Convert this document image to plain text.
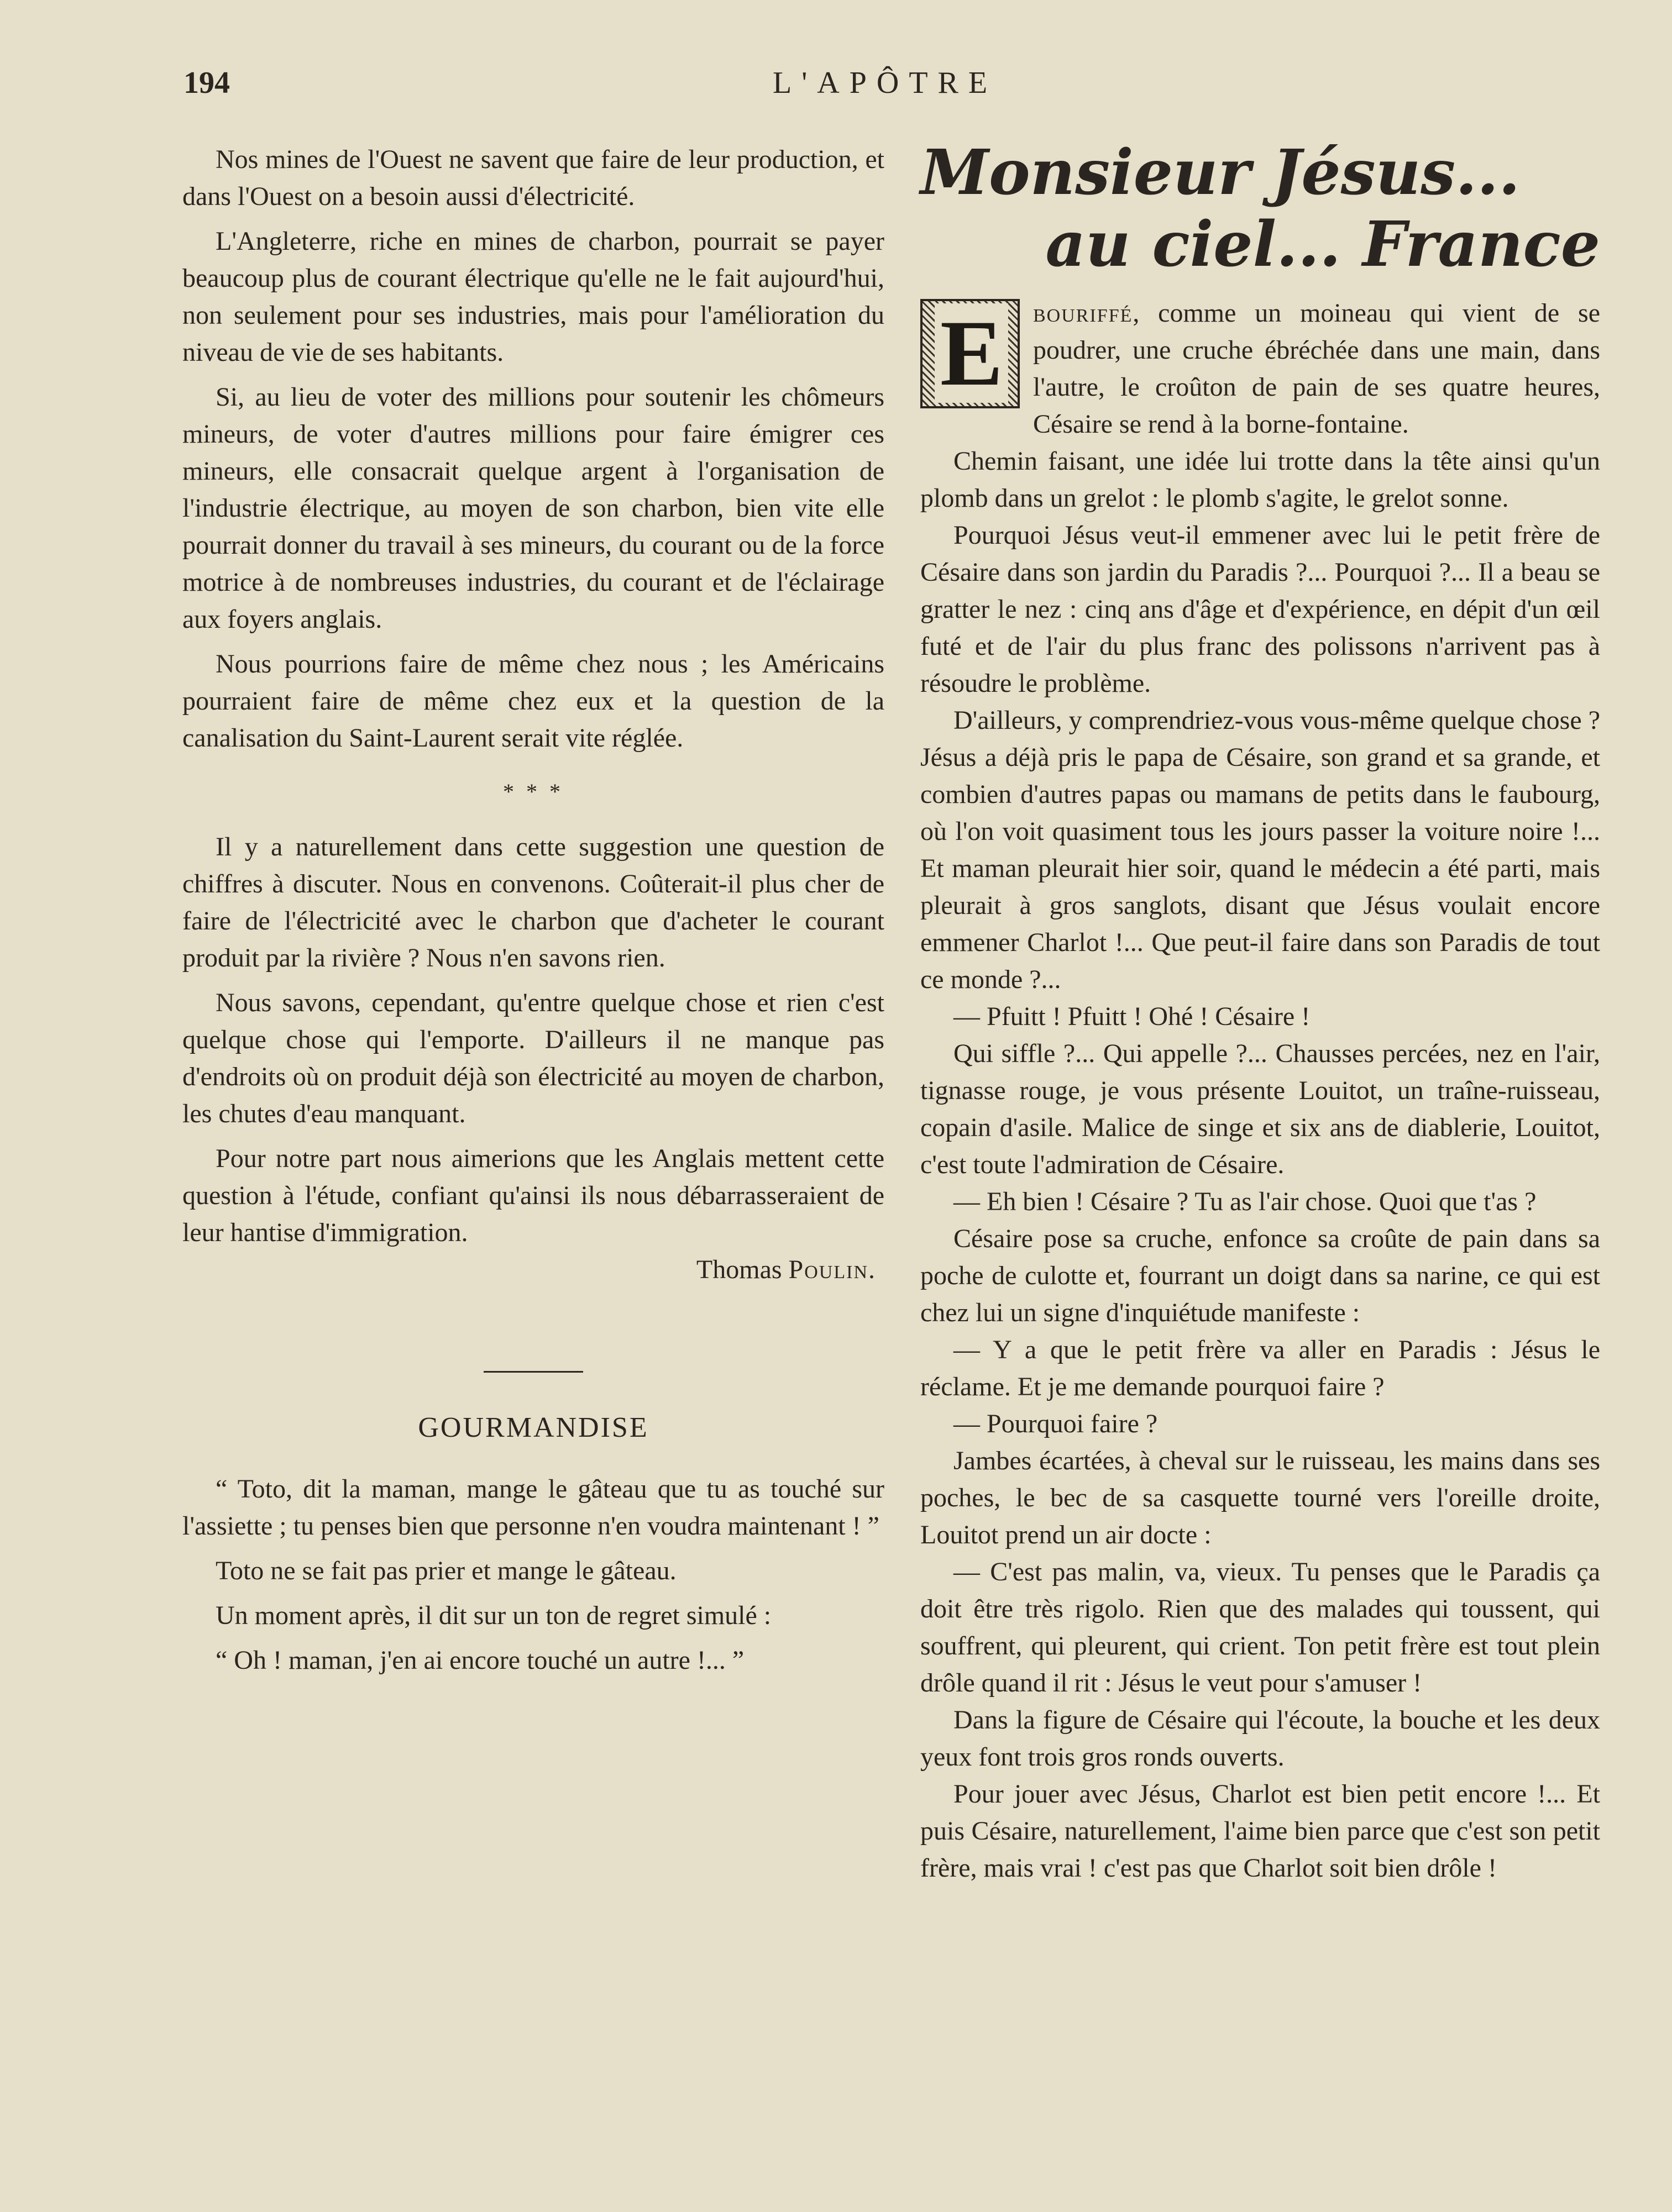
194	L'APÔTRE

Nos mines de l'Ouest ne savent que faire de leur production, et dans l'Ouest on a besoin aussi d'électricité.

L'Angleterre, riche en mines de charbon, pourrait se payer beaucoup plus de courant électrique qu'elle ne le fait aujourd'hui, non seulement pour ses industries, mais pour l'amélioration du niveau de vie de ses habitants.

Si, au lieu de voter des millions pour soutenir les chômeurs mineurs, de voter d'autres millions pour faire émigrer ces mineurs, elle consacrait quelque argent à l'organisation de l'industrie électrique, au moyen de son charbon, bien vite elle pourrait donner du travail à ses mineurs, du courant ou de la force motrice à de nombreuses industries, du courant et de l'éclairage aux foyers anglais.

Nous pourrions faire de même chez nous ; les Américains pourraient faire de même chez eux et la question de la canalisation du Saint-Laurent serait vite réglée.

* * *

Il y a naturellement dans cette suggestion une question de chiffres à discuter. Nous en convenons. Coûterait-il plus cher de faire de l'électricité avec le charbon que d'acheter le courant produit par la rivière ? Nous n'en savons rien.

Nous savons, cependant, qu'entre quelque chose et rien c'est quelque chose qui l'emporte. D'ailleurs il ne manque pas d'endroits où on produit déjà son électricité au moyen de charbon, les chutes d'eau manquant.

Pour notre part nous aimerions que les Anglais mettent cette question à l'étude, confiant qu'ainsi ils nous débarrasseraient de leur hantise d'immigration.

Thomas Poulin.
GOURMANDISE

“ Toto, dit la maman, mange le gâteau que tu as touché sur l'assiette ; tu penses bien que personne n'en voudra maintenant ! ”

Toto ne se fait pas prier et mange le gâteau.

Un moment après, il dit sur un ton de regret simulé :

“ Oh ! maman, j'en ai encore touché un autre !... ”

Monsieur Jésus...
au ciel... France
E	bouriffé, comme un moineau qui vient de se poudrer, une cruche ébréchée dans une main, dans l'autre, le croûton de pain de ses quatre heures, Césaire se rend à la borne-fontaine.

Chemin faisant, une idée lui trotte dans la tête ainsi qu'un plomb dans un grelot : le plomb s'agite, le grelot sonne.

Pourquoi Jésus veut-il emmener avec lui le petit frère de Césaire dans son jardin du Paradis ?... Pourquoi ?... Il a beau se gratter le nez : cinq ans d'âge et d'expérience, en dépit d'un œil futé et de l'air du plus franc des polissons n'arrivent pas à résoudre le problème.

D'ailleurs, y comprendriez-vous vous-même quelque chose ? Jésus a déjà pris le papa de Césaire, son grand et sa grande, et combien d'autres papas ou mamans de petits dans le faubourg, où l'on voit quasiment tous les jours passer la voiture noire !... Et maman pleurait hier soir, quand le médecin a été parti, mais pleurait à gros sanglots, disant que Jésus voulait encore emmener Charlot !... Que peut-il faire dans son Paradis de tout ce monde ?...

— Pfuitt ! Pfuitt ! Ohé ! Césaire !

Qui siffle ?... Qui appelle ?... Chausses percées, nez en l'air, tignasse rouge, je vous présente Louitot, un traîne-ruisseau, copain d'asile. Malice de singe et six ans de diablerie, Louitot, c'est toute l'admiration de Césaire.

— Eh bien ! Césaire ? Tu as l'air chose. Quoi que t'as ?

Césaire pose sa cruche, enfonce sa croûte de pain dans sa poche de culotte et, fourrant un doigt dans sa narine, ce qui est chez lui un signe d'inquiétude manifeste :

— Y a que le petit frère va aller en Paradis : Jésus le réclame. Et je me demande pourquoi faire ?

— Pourquoi faire ?

Jambes écartées, à cheval sur le ruisseau, les mains dans ses poches, le bec de sa casquette tourné vers l'oreille droite, Louitot prend un air docte :

— C'est pas malin, va, vieux. Tu penses que le Paradis ça doit être très rigolo. Rien que des malades qui toussent, qui souffrent, qui pleurent, qui crient. Ton petit frère est tout plein drôle quand il rit : Jésus le veut pour s'amuser !

Dans la figure de Césaire qui l'écoute, la bouche et les deux yeux font trois gros ronds ouverts.

Pour jouer avec Jésus, Charlot est bien petit encore !... Et puis Césaire, naturellement, l'aime bien parce que c'est son petit frère, mais vrai ! c'est pas que Charlot soit bien drôle !
